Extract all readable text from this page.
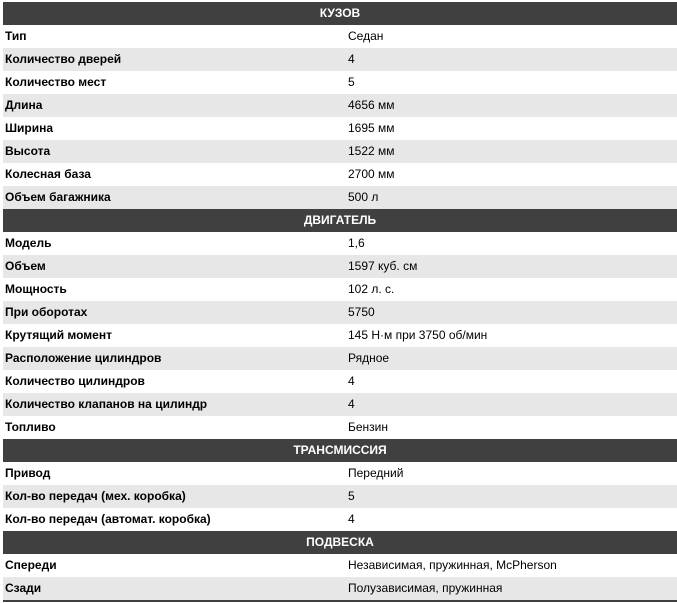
КУЗОВ
Тип	Седан
Количество дверей	4
Количество мест	5
Длина	4656 мм
Ширина	1695 мм
Высота	1522 мм
Колесная база	2700 мм
Объем багажника	500 л
ДВИГАТЕЛЬ
Модель	1,6
Объем	1597 куб. см
Мощность	102 л. с.
При оборотах	5750
Крутящий момент	145 Н·м при 3750 об/мин
Расположение цилиндров	Рядное
Количество цилиндров	4
Количество клапанов на цилиндр	4
Топливо	Бензин
ТРАНСМИССИЯ
Привод	Передний
Кол-во передач (мех. коробка)	5
Кол-во передач (автомат. коробка)	4
ПОДВЕСКА
Спереди	Независимая, пружинная, McPherson
Сзади	Полузависимая, пружинная
